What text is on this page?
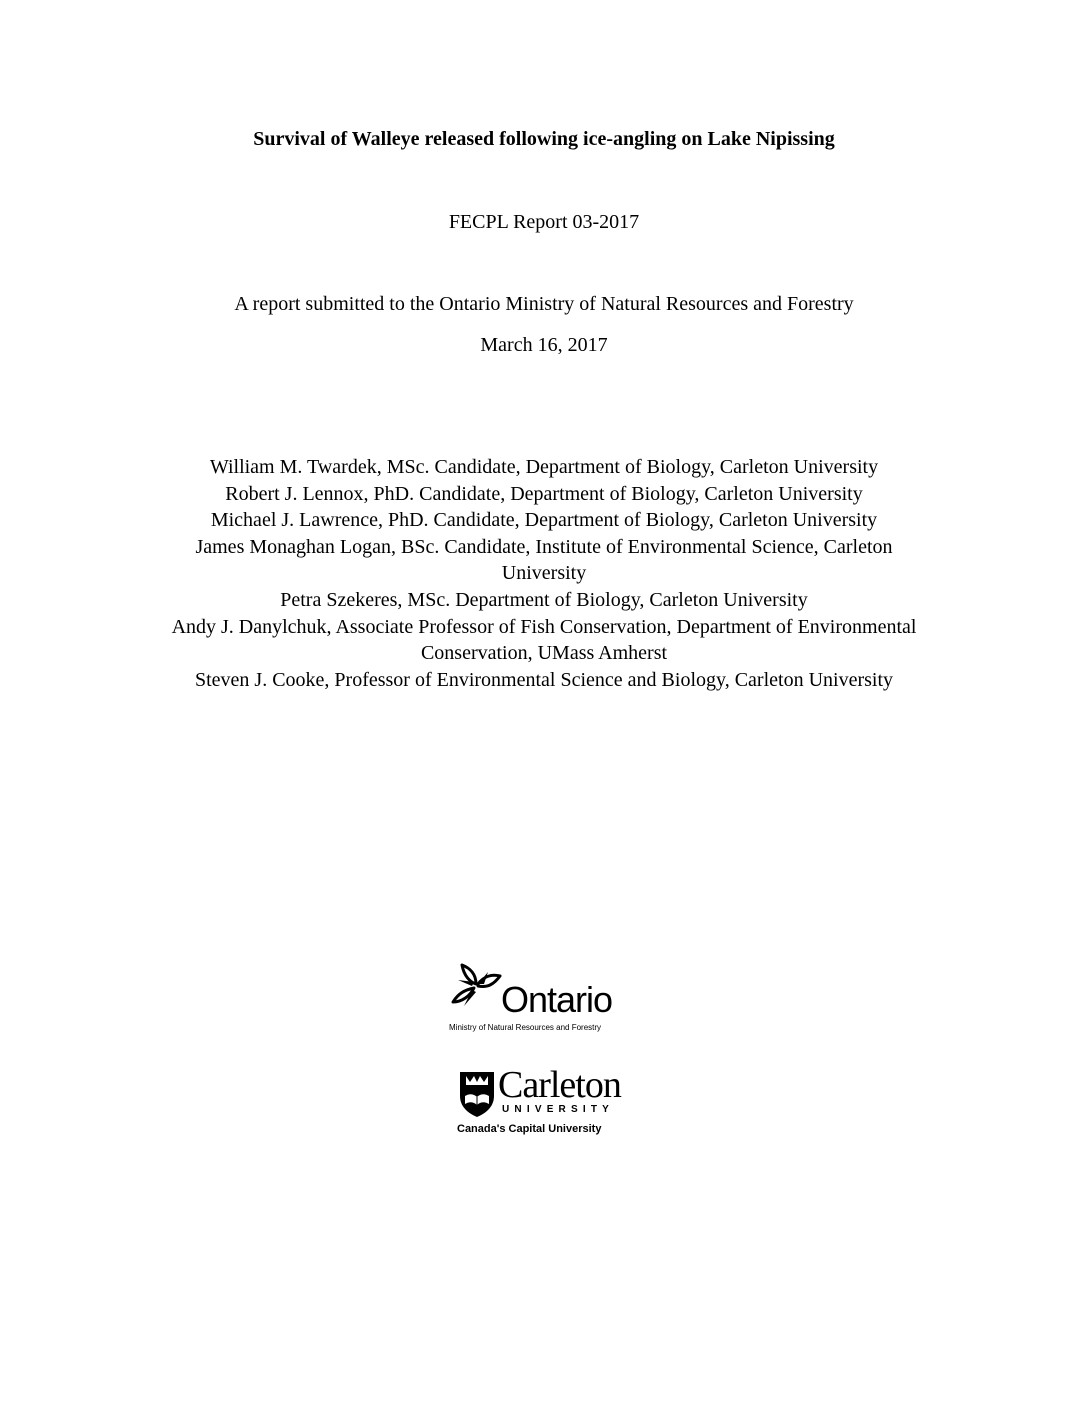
Survival of Walleye released following ice-angling on Lake Nipissing
FECPL Report 03-2017
A report submitted to the Ontario Ministry of Natural Resources and Forestry
March 16, 2017
William M. Twardek, MSc. Candidate, Department of Biology, Carleton University
Robert J. Lennox, PhD. Candidate, Department of Biology, Carleton University
Michael J. Lawrence, PhD. Candidate, Department of Biology, Carleton University
James Monaghan Logan, BSc. Candidate, Institute of Environmental Science, Carleton
University
Petra Szekeres, MSc. Department of Biology, Carleton University
Andy J. Danylchuk, Associate Professor of Fish Conservation, Department of Environmental
Conservation, UMass Amherst
Steven J. Cooke, Professor of Environmental Science and Biology, Carleton University
Ontario
Ministry of Natural Resources and Forestry
Carleton
UNIVERSITY
Canada's Capital University
